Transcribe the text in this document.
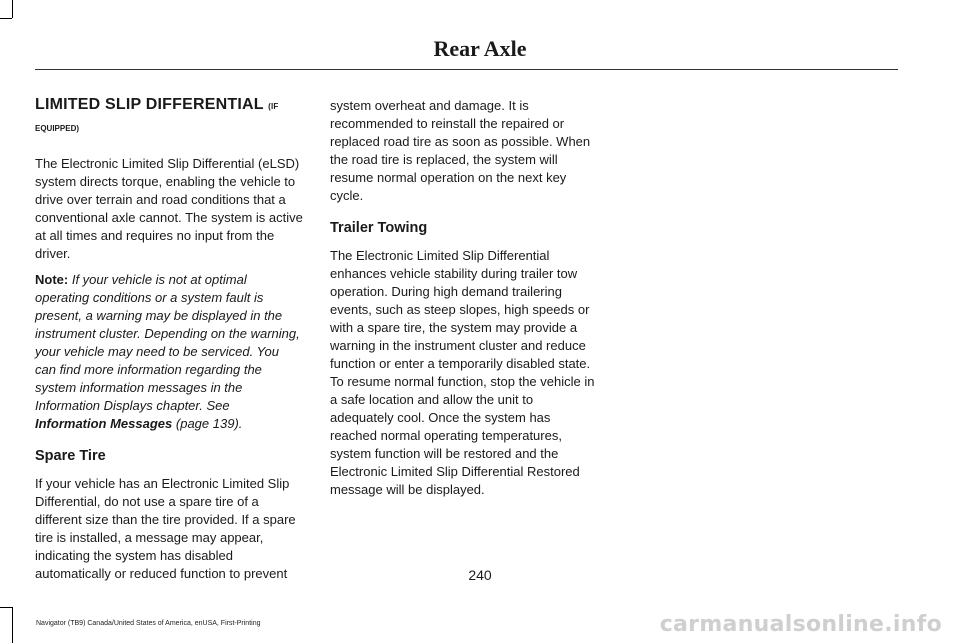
Rear Axle
LIMITED SLIP DIFFERENTIAL (IF
EQUIPPED)

The Electronic Limited Slip Differential (eLSD) system directs torque, enabling the vehicle to drive over terrain and road conditions that a conventional axle cannot. The system is active at all times and requires no input from the driver.

Note: If your vehicle is not at optimal operating conditions or a system fault is present, a warning may be displayed in the instrument cluster. Depending on the warning, your vehicle may need to be serviced. You can find more information regarding the system information messages in the Information Displays chapter. See Information Messages (page 139).

Spare Tire

If your vehicle has an Electronic Limited Slip Differential, do not use a spare tire of a different size than the tire provided. If a spare tire is installed, a message may appear, indicating the system has disabled automatically or reduced function to prevent

system overheat and damage. It is recommended to reinstall the repaired or replaced road tire as soon as possible. When the road tire is replaced, the system will resume normal operation on the next key cycle.

Trailer Towing

The Electronic Limited Slip Differential enhances vehicle stability during trailer tow operation. During high demand trailering events, such as steep slopes, high speeds or with a spare tire, the system may provide a warning in the instrument cluster and reduce function or enter a temporarily disabled state. To resume normal function, stop the vehicle in a safe location and allow the unit to adequately cool. Once the system has reached normal operating temperatures, system function will be restored and the Electronic Limited Slip Differential Restored message will be displayed.

240
Navigator (TB9) Canada/United States of America, enUSA, First-Printing	carmanualsonline.info
